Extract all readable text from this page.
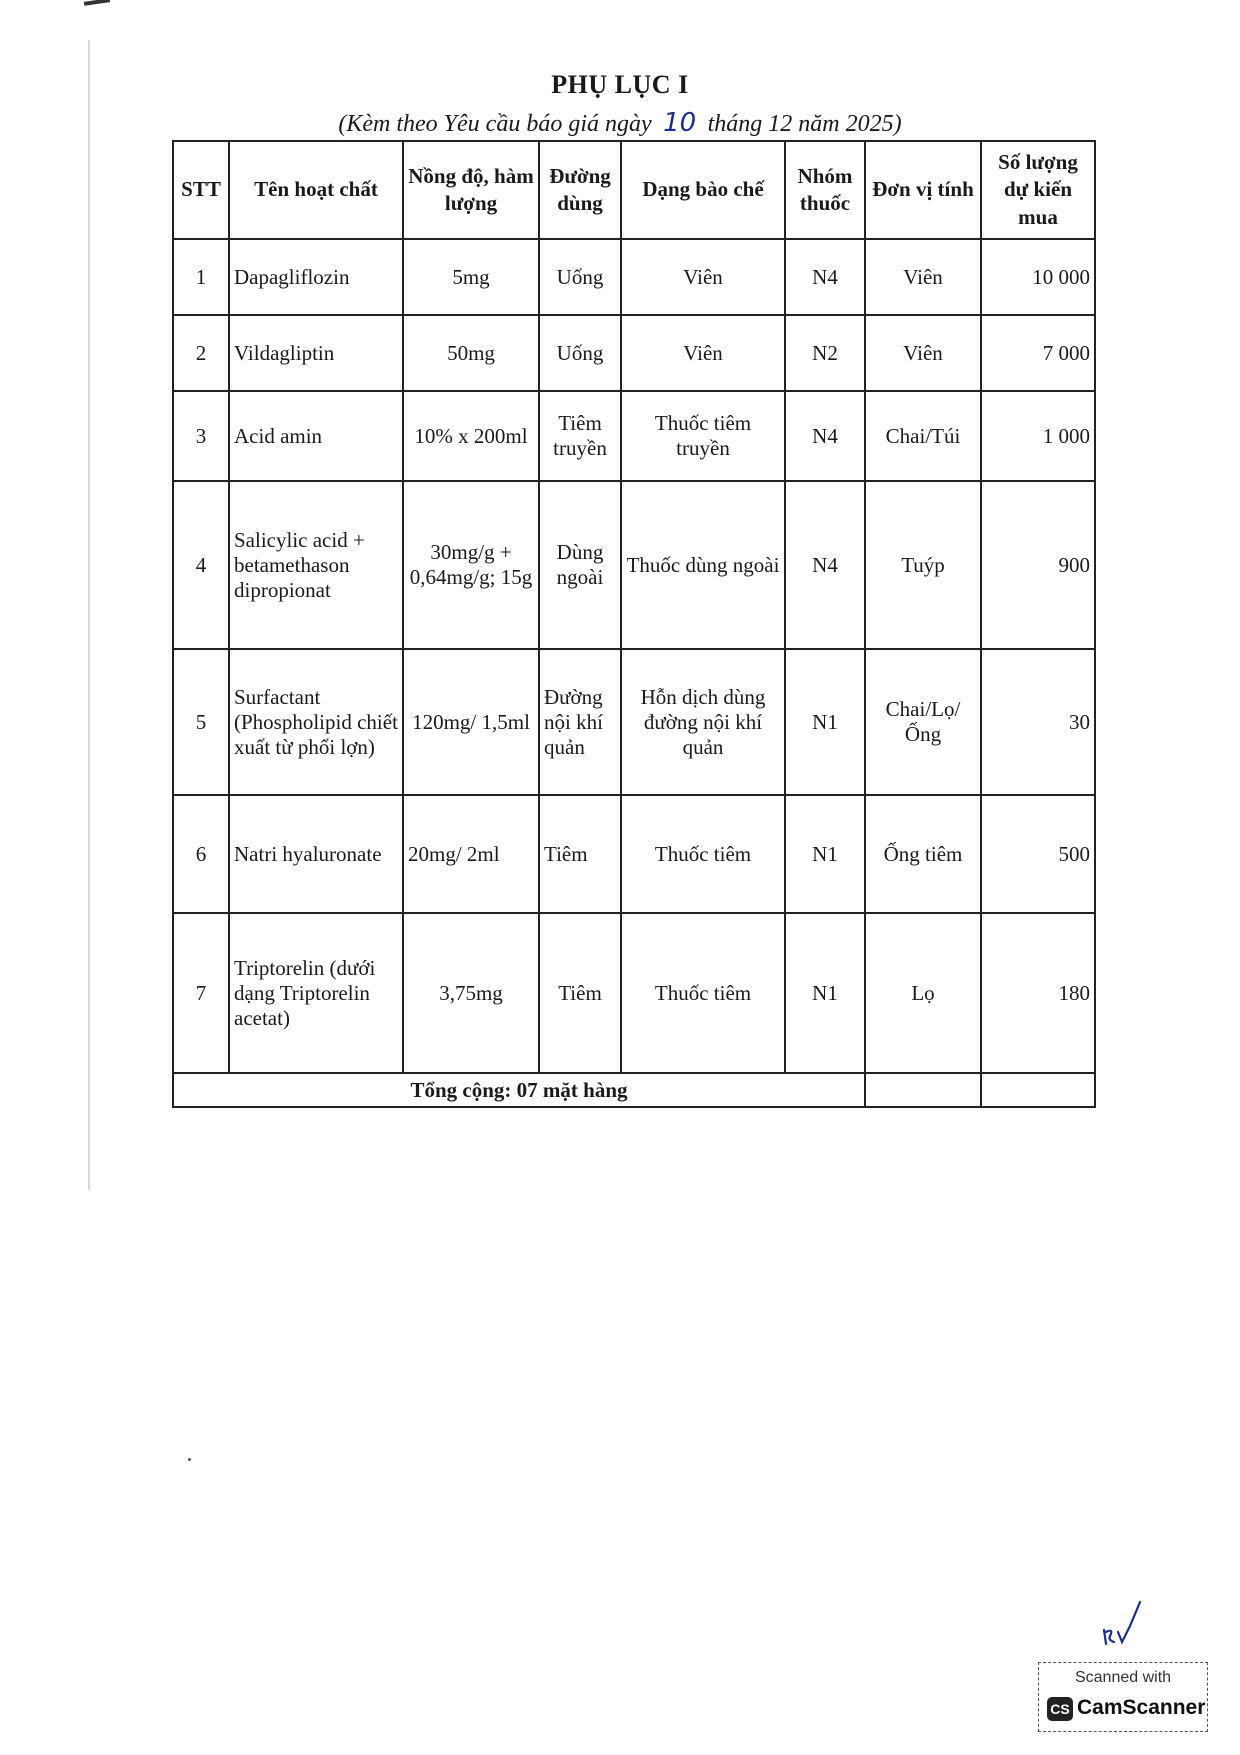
PHỤ LỤC I
(Kèm theo Yêu cầu báo giá ngày 10 tháng 12 năm 2025)
STT	Tên hoạt chất	Nồng độ, hàm lượng	Đường dùng	Dạng bào chế	Nhóm thuốc	Đơn vị tính	Số lượng dự kiến mua
1	Dapagliflozin	5mg	Uống	Viên	N4	Viên	10 000
2	Vildagliptin	50mg	Uống	Viên	N2	Viên	7 000
3	Acid amin	10% x 200ml	Tiêm truyền	Thuốc tiêm truyền	N4	Chai/Túi	1 000
4	Salicylic acid + betamethason dipropionat	30mg/g + 0,64mg/g; 15g	Dùng ngoài	Thuốc dùng ngoài	N4	Tuýp	900
5	Surfactant (Phospholipid chiết xuất từ phổi lợn)	120mg/ 1,5ml	Đường nội khí quản	Hỗn dịch dùng đường nội khí quản	N1	Chai/Lọ/ Ống	30
6	Natri hyaluronate	20mg/ 2ml	Tiêm	Thuốc tiêm	N1	Ống tiêm	500
7	Triptorelin (dưới dạng Triptorelin acetat)	3,75mg	Tiêm	Thuốc tiêm	N1	Lọ	180
Tổng cộng: 07 mặt hàng							
Scanned with
CS CamScanner
